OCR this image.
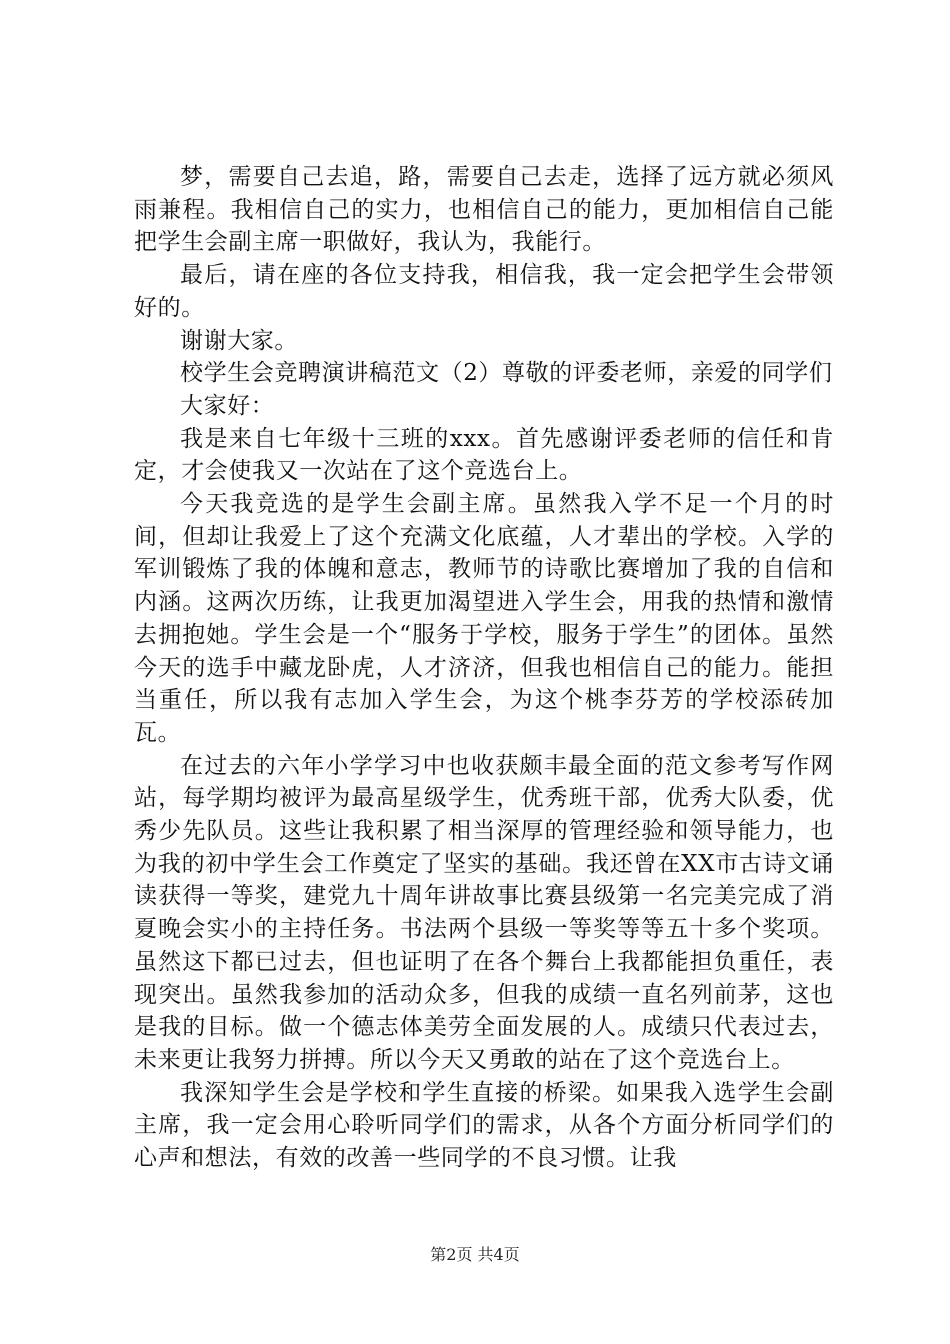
梦，需要自己去追，路，需要自己去走，选择了远方就必须风雨兼程。我相信自己的实力，也相信自己的能力，更加相信自己能把学生会副主席一职做好，我认为，我能行。

最后，请在座的各位支持我，相信我，我一定会把学生会带领好的。

谢谢大家。

校学生会竞聘演讲稿范文（2）尊敬的评委老师，亲爱的同学们

大家好：

我是来自七年级十三班的xxx。首先感谢评委老师的信任和肯定，才会使我又一次站在了这个竞选台上。

今天我竞选的是学生会副主席。虽然我入学不足一个月的时间，但却让我爱上了这个充满文化底蕴，人才辈出的学校。入学的军训锻炼了我的体魄和意志，教师节的诗歌比赛增加了我的自信和内涵。这两次历练，让我更加渴望进入学生会，用我的热情和激情去拥抱她。学生会是一个“服务于学校，服务于学生”的团体。虽然今天的选手中藏龙卧虎，人才济济，但我也相信自己的能力。能担当重任，所以我有志加入学生会，为这个桃李芬芳的学校添砖加瓦。

在过去的六年小学学习中也收获颇丰最全面的范文参考写作网站，每学期均被评为最高星级学生，优秀班干部，优秀大队委，优秀少先队员。这些让我积累了相当深厚的管理经验和领导能力，也为我的初中学生会工作奠定了坚实的基础。我还曾在XX市古诗文诵读获得一等奖，建党九十周年讲故事比赛县级第一名完美完成了消夏晚会实小的主持任务。书法两个县级一等奖等等五十多个奖项。虽然这下都已过去，但也证明了在各个舞台上我都能担负重任，表现突出。虽然我参加的活动众多，但我的成绩一直名列前茅，这也是我的目标。做一个德志体美劳全面发展的人。成绩只代表过去，未来更让我努力拼搏。所以今天又勇敢的站在了这个竞选台上。

我深知学生会是学校和学生直接的桥梁。如果我入选学生会副主席，我一定会用心聆听同学们的需求，从各个方面分析同学们的心声和想法，有效的改善一些同学的不良习惯。让我

第2页 共4页
